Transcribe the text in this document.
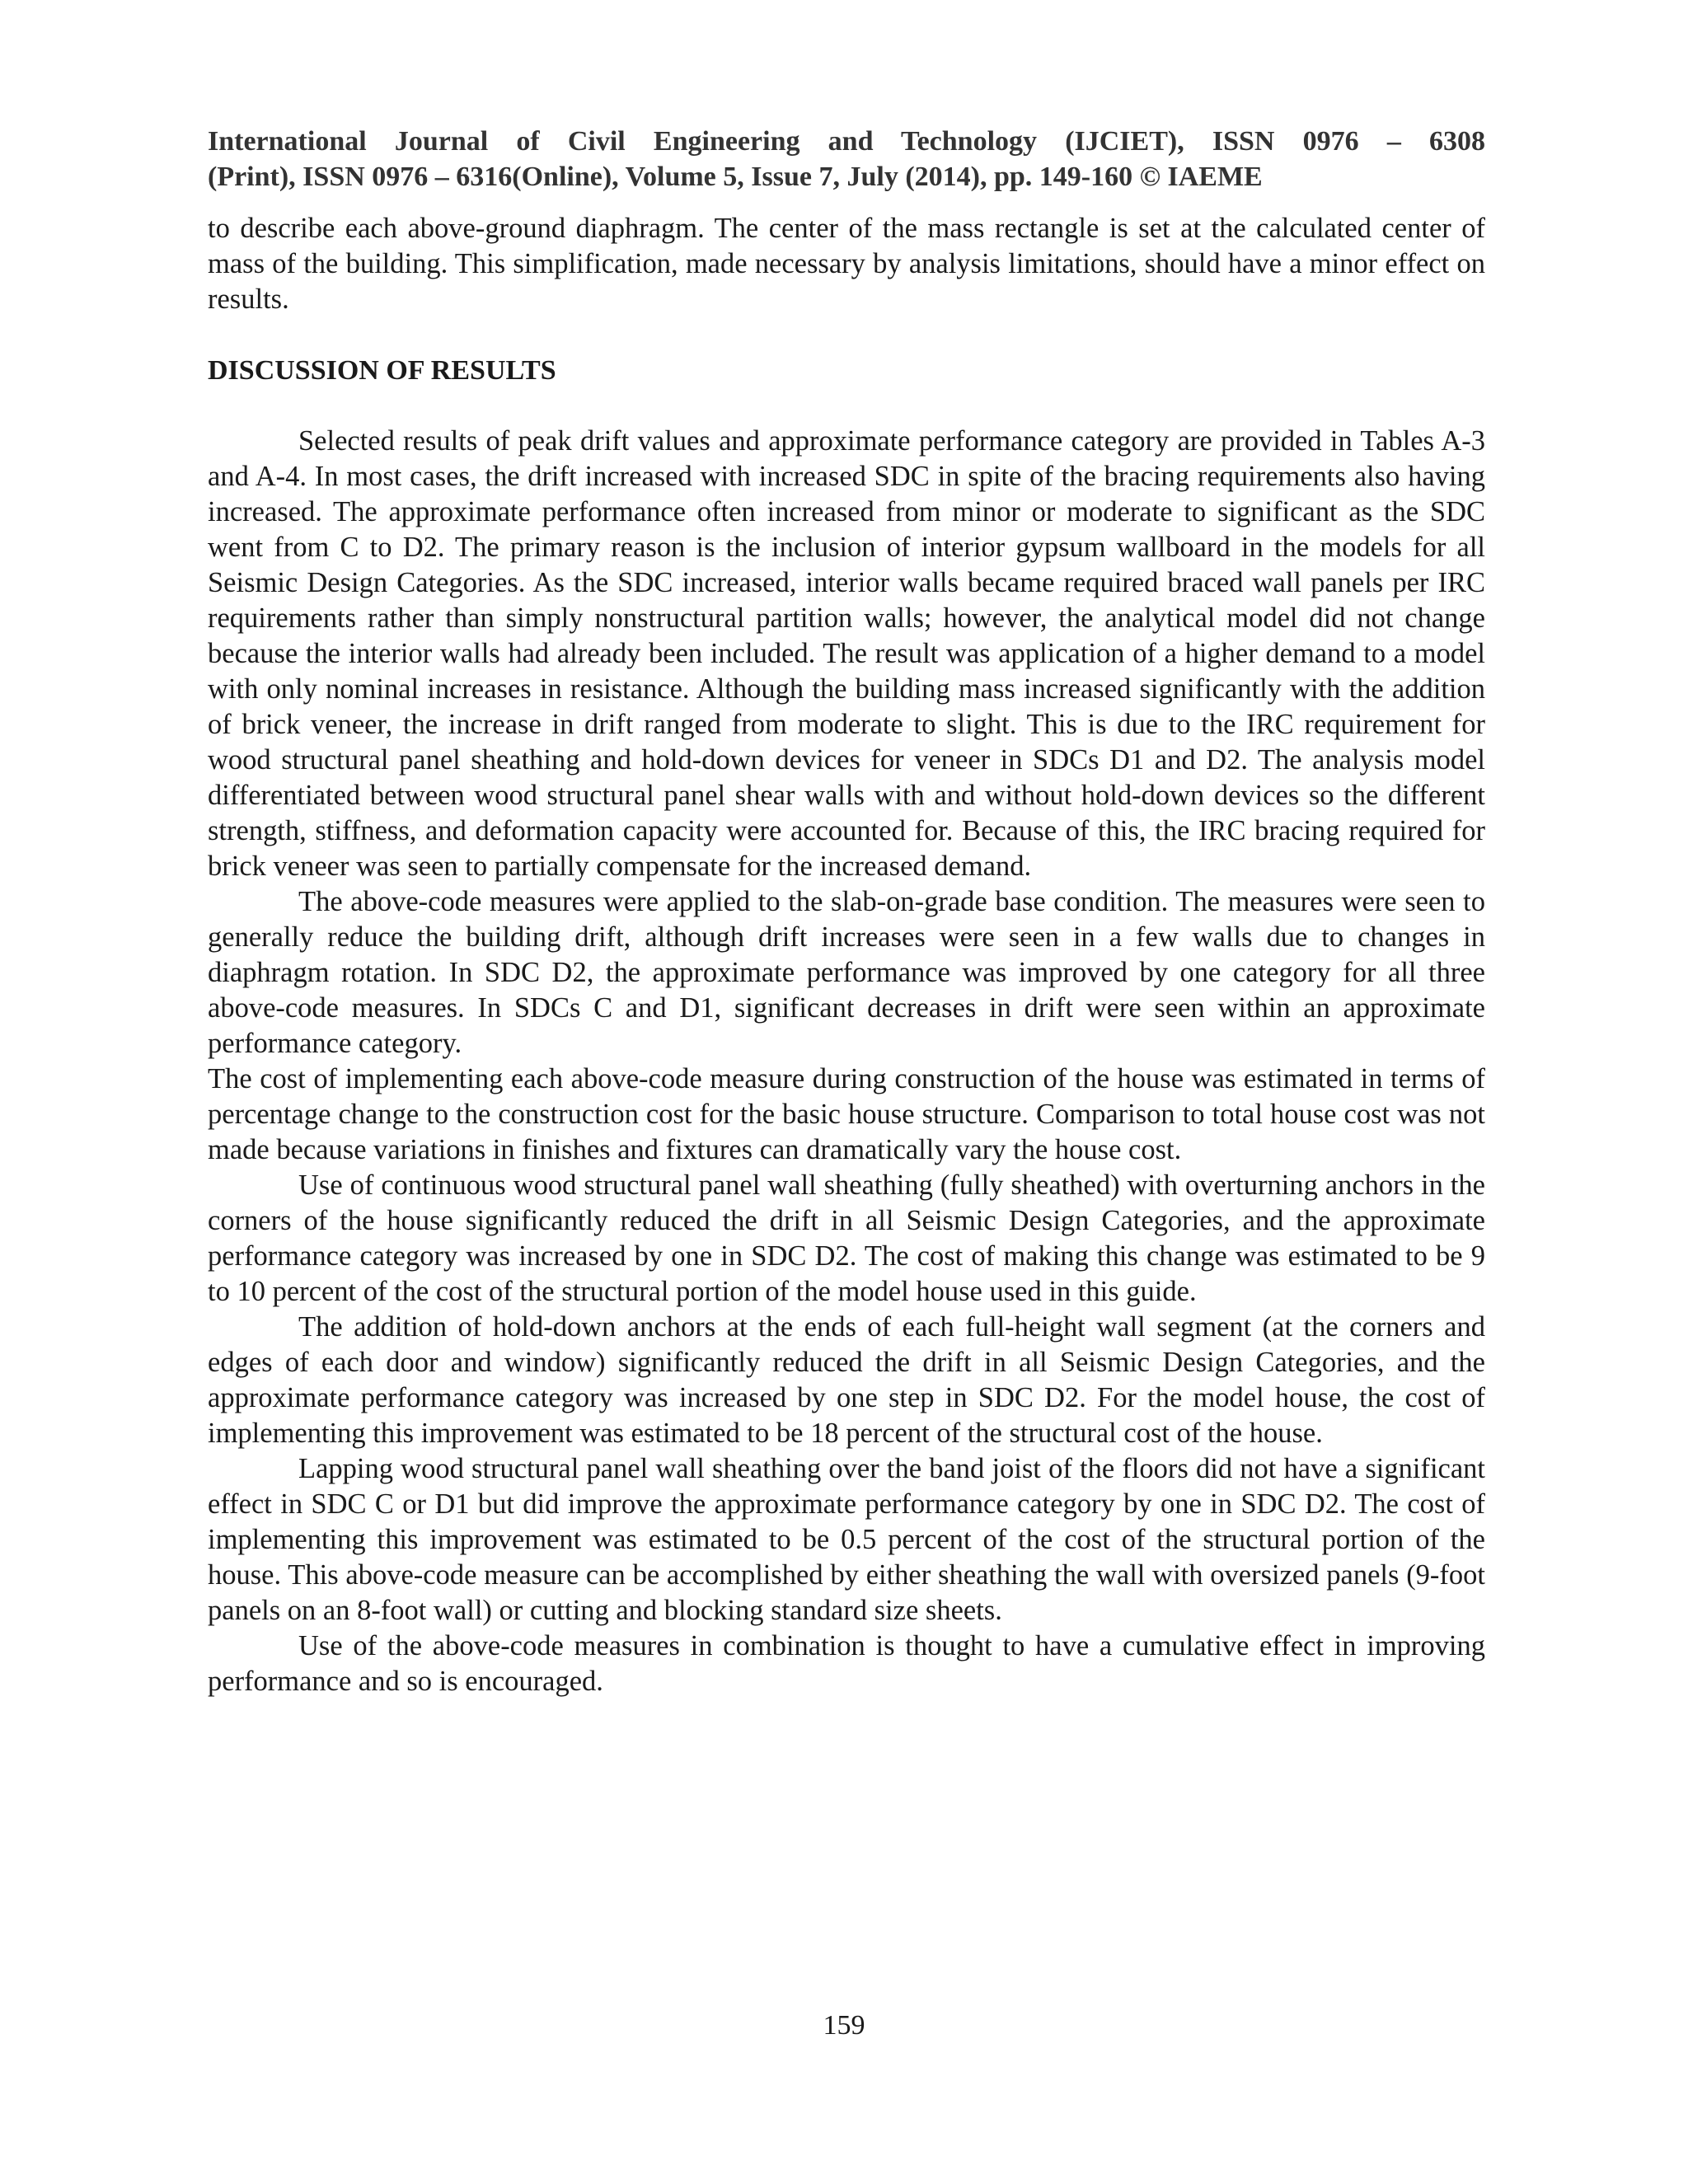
International Journal of Civil Engineering and Technology (IJCIET), ISSN 0976 – 6308
(Print), ISSN 0976 – 6316(Online), Volume 5, Issue 7, July (2014), pp. 149-160 © IAEME

to describe each above-ground diaphragm. The center of the mass rectangle is set at the calculated center of mass of the building. This simplification, made necessary by analysis limitations, should have a minor effect on results.

DISCUSSION OF RESULTS

Selected results of peak drift values and approximate performance category are provided in Tables A-3 and A-4. In most cases, the drift increased with increased SDC in spite of the bracing requirements also having increased. The approximate performance often increased from minor or moderate to significant as the SDC went from C to D2. The primary reason is the inclusion of interior gypsum wallboard in the models for all Seismic Design Categories. As the SDC increased, interior walls became required braced wall panels per IRC requirements rather than simply nonstructural partition walls; however, the analytical model did not change because the interior walls had already been included. The result was application of a higher demand to a model with only nominal increases in resistance. Although the building mass increased significantly with the addition of brick veneer, the increase in drift ranged from moderate to slight. This is due to the IRC requirement for wood structural panel sheathing and hold-down devices for veneer in SDCs D1 and D2. The analysis model differentiated between wood structural panel shear walls with and without hold-down devices so the different strength, stiffness, and deformation capacity were accounted for. Because of this, the IRC bracing required for brick veneer was seen to partially compensate for the increased demand.

The above-code measures were applied to the slab-on-grade base condition. The measures were seen to generally reduce the building drift, although drift increases were seen in a few walls due to changes in diaphragm rotation. In SDC D2, the approximate performance was improved by one category for all three above-code measures. In SDCs C and D1, significant decreases in drift were seen within an approximate performance category.

The cost of implementing each above-code measure during construction of the house was estimated in terms of percentage change to the construction cost for the basic house structure. Comparison to total house cost was not made because variations in finishes and fixtures can dramatically vary the house cost.

Use of continuous wood structural panel wall sheathing (fully sheathed) with overturning anchors in the corners of the house significantly reduced the drift in all Seismic Design Categories, and the approximate performance category was increased by one in SDC D2. The cost of making this change was estimated to be 9 to 10 percent of the cost of the structural portion of the model house used in this guide.

The addition of hold-down anchors at the ends of each full-height wall segment (at the corners and edges of each door and window) significantly reduced the drift in all Seismic Design Categories, and the approximate performance category was increased by one step in SDC D2. For the model house, the cost of implementing this improvement was estimated to be 18 percent of the structural cost of the house.

Lapping wood structural panel wall sheathing over the band joist of the floors did not have a significant effect in SDC C or D1 but did improve the approximate performance category by one in SDC D2. The cost of implementing this improvement was estimated to be 0.5 percent of the cost of the structural portion of the house. This above-code measure can be accomplished by either sheathing the wall with oversized panels (9-foot panels on an 8-foot wall) or cutting and blocking standard size sheets.

Use of the above-code measures in combination is thought to have a cumulative effect in improving performance and so is encouraged.

159
